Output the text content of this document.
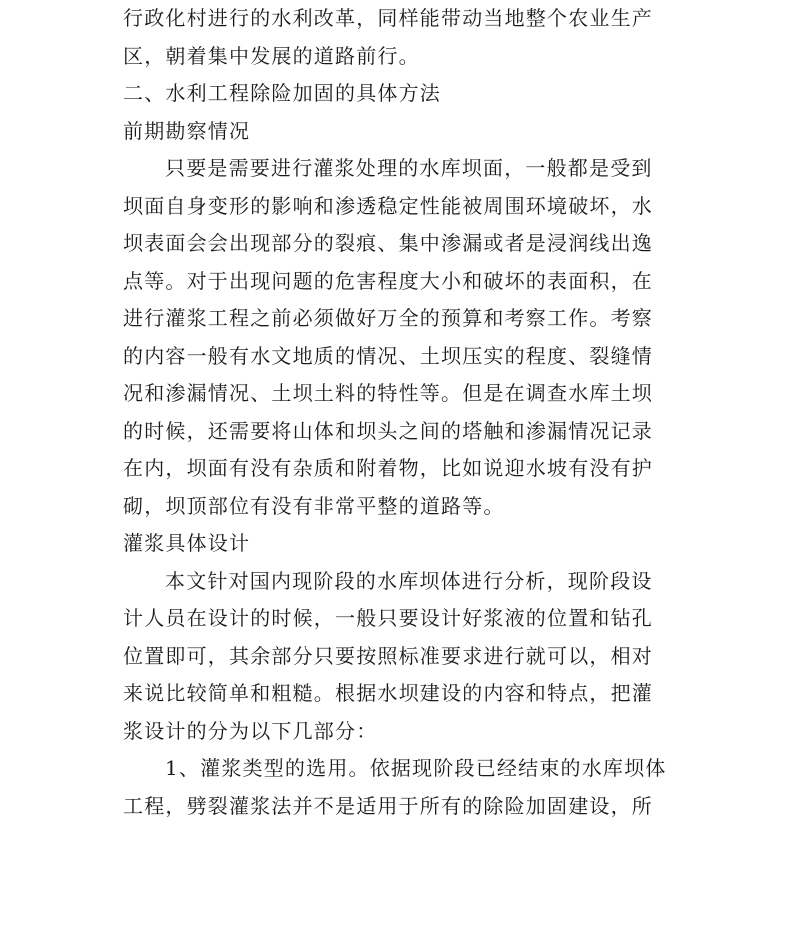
行政化村进行的水利改革，同样能带动当地整个农业生产
区，朝着集中发展的道路前行。
二、水利工程除险加固的具体方法
前期勘察情况
只要是需要进行灌浆处理的水库坝面，一般都是受到
坝面自身变形的影响和渗透稳定性能被周围环境破坏，水
坝表面会会出现部分的裂痕、集中渗漏或者是浸润线出逸
点等。对于出现问题的危害程度大小和破坏的表面积，在
进行灌浆工程之前必须做好万全的预算和考察工作。考察
的内容一般有水文地质的情况、土坝压实的程度、裂缝情
况和渗漏情况、土坝土料的特性等。但是在调查水库土坝
的时候，还需要将山体和坝头之间的塔触和渗漏情况记录
在内，坝面有没有杂质和附着物，比如说迎水坡有没有护
砌，坝顶部位有没有非常平整的道路等。
灌浆具体设计
本文针对国内现阶段的水库坝体进行分析，现阶段设
计人员在设计的时候，一般只要设计好浆液的位置和钻孔
位置即可，其余部分只要按照标准要求进行就可以，相对
来说比较简单和粗糙。根据水坝建设的内容和特点，把灌
浆设计的分为以下几部分：
1、灌浆类型的选用。依据现阶段已经结束的水库坝体
工程，劈裂灌浆法并不是适用于所有的除险加固建设，所
